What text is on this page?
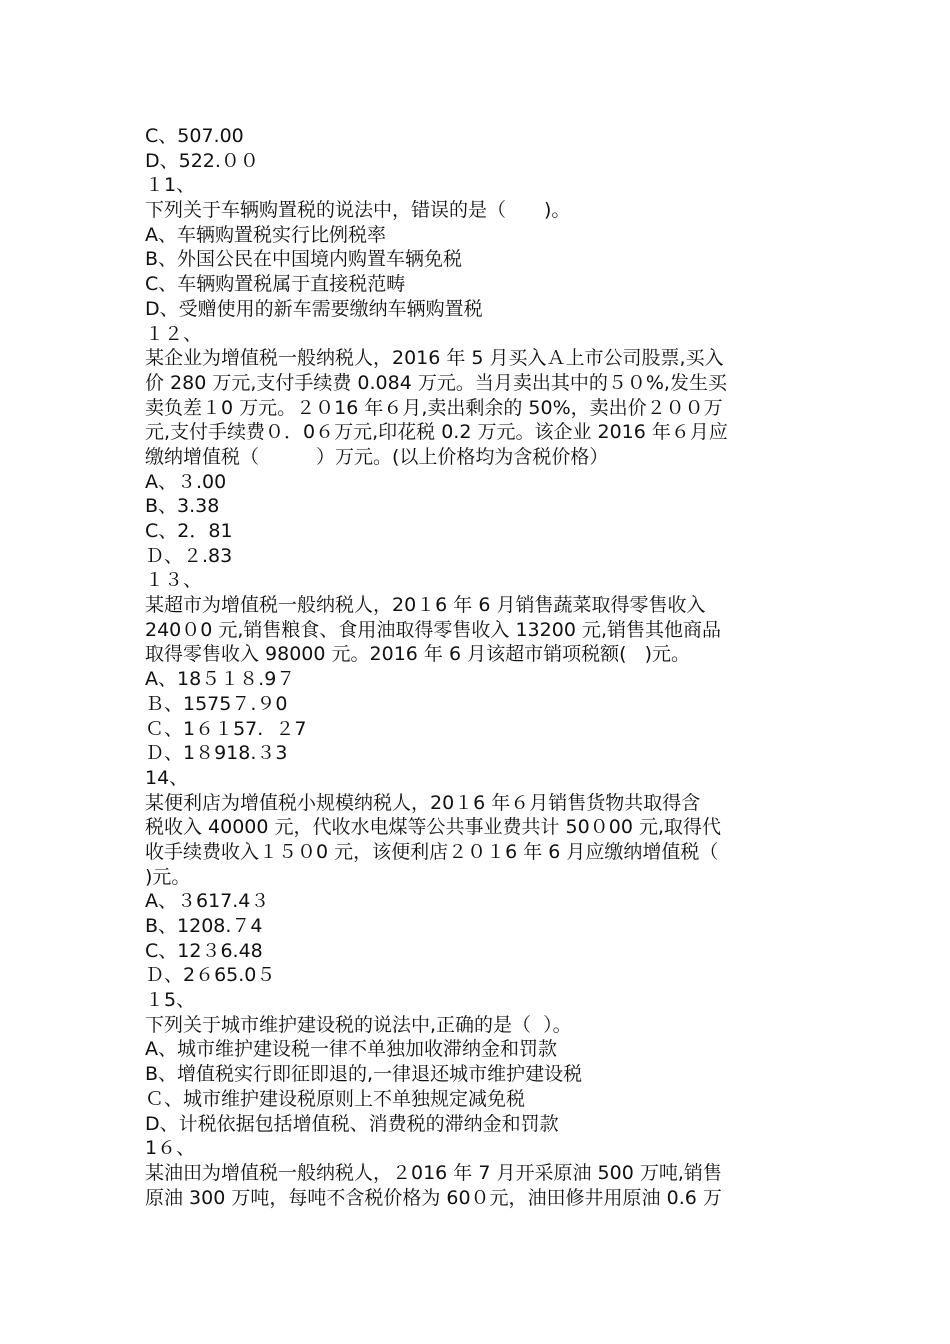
C、507.00
D、522.００
１1、
下列关于车辆购置税的说法中，错误的是（　　)。
A、车辆购置税实行比例税率
B、外国公民在中国境内购置车辆免税
C、车辆购置税属于直接税范畴
D、受赠使用的新车需要缴纳车辆购置税
１２、
某企业为增值税一般纳税人，2016 年 5 月买入Ａ上市公司股票,买入
价 280 万元,支付手续费 0.084 万元。当月卖出其中的５０%,发生买
卖负差１0 万元。２０16 年６月,卖出剩余的 50%，卖出价２００万
元,支付手续费０．0６万元,印花税 0.2 万元。该企业 2016 年６月应
缴纳增值税（　　　）万元。(以上价格均为含税价格）
A、３.00
B、3.38
C、2．81
Ｄ、２.83
１３、
某超市为增值税一般纳税人，20１6 年 6 月销售蔬菜取得零售收入
240０0 元,销售粮食、食用油取得零售收入 13200 元,销售其他商品
取得零售收入 98000 元。2016 年 6 月该超市销项税额(   )元。
A、18５１８.9７
Ｂ、1575７.９0
Ｃ、1６１57.  ２7
Ｄ、1８918.３3
14、
某便利店为增值税小规模纳税人，20１6 年６月销售货物共取得含
税收入 40000 元，代收水电煤等公共事业费共计 50０00 元,取得代
收手续费收入１５０0 元，该便利店２０１6 年 6 月应缴纳增值税（
)元。
A、３617.4３
B、1208.７4
C、12３6.48
Ｄ、2６65.0５
１5、
下列关于城市维护建设税的说法中,正确的是（  ）。
A、城市维护建设税一律不单独加收滞纳金和罚款
B、增值税实行即征即退的,一律退还城市维护建设税
Ｃ、城市维护建设税原则上不单独规定减免税
D、计税依据包括增值税、消费税的滞纳金和罚款
1６、
某油田为增值税一般纳税人，２016 年 7 月开采原油 500 万吨,销售
原油 300 万吨，每吨不含税价格为 60０元，油田修井用原油 0.6 万
